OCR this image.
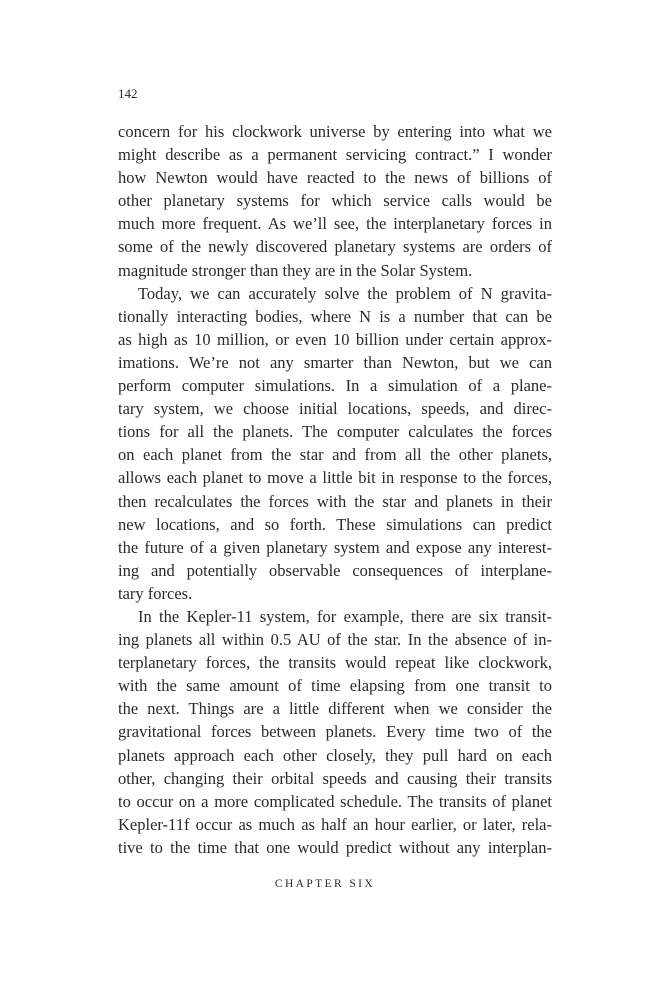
142
concern for his clockwork universe by entering into what we
might describe as a permanent servicing contract.” I wonder
how Newton would have reacted to the news of billions of
other planetary systems for which service calls would be
much more frequent. As we’ll see, the interplanetary forces in
some of the newly discovered planetary systems are orders of
magnitude stronger than they are in the Solar System.
Today, we can accurately solve the problem of N gravita-
tionally interacting bodies, where N is a number that can be
as high as 10 million, or even 10 billion under certain approx-
imations. We’re not any smarter than Newton, but we can
perform computer simulations. In a simulation of a plane-
tary system, we choose initial locations, speeds, and direc-
tions for all the planets. The computer calculates the forces
on each planet from the star and from all the other planets,
allows each planet to move a little bit in response to the forces,
then recalculates the forces with the star and planets in their
new locations, and so forth. These simulations can predict
the future of a given planetary system and expose any interest-
ing and potentially observable consequences of interplane-
tary forces.
In the Kepler-11 system, for example, there are six transit-
ing planets all within 0.5 AU of the star. In the absence of in-
terplanetary forces, the transits would repeat like clockwork,
with the same amount of time elapsing from one transit to
the next. Things are a little different when we consider the
gravitational forces between planets. Every time two of the
planets approach each other closely, they pull hard on each
other, changing their orbital speeds and causing their transits
to occur on a more complicated schedule. The transits of planet
Kepler-11f occur as much as half an hour earlier, or later, rela-
tive to the time that one would predict without any interplan-
CHAPTER SIX
